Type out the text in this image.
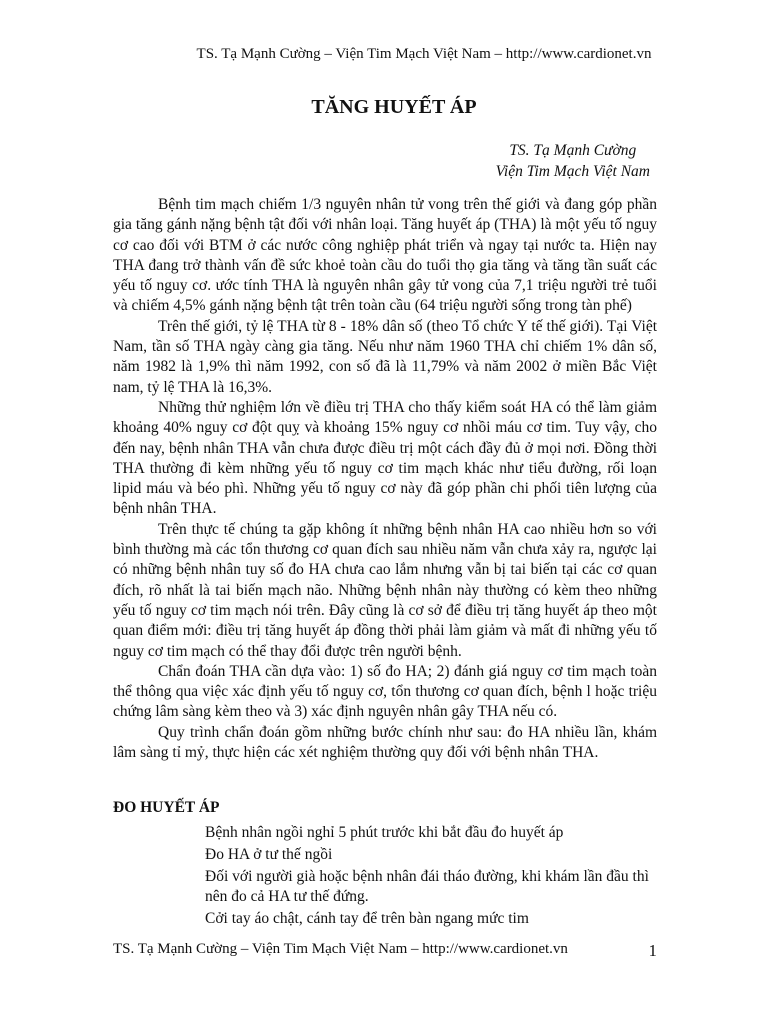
TS. Tạ Mạnh Cường – Viện Tim Mạch Việt Nam – http://www.cardionet.vn
TĂNG HUYẾT ÁP
TS. Tạ Mạnh Cường
Viện Tim Mạch Việt Nam

Bệnh tim mạch chiếm 1/3 nguyên nhân tử vong trên thế giới và đang góp phần gia tăng gánh nặng bệnh tật đối với nhân loại. Tăng huyết áp (THA) là một yếu tố nguy cơ cao đối với BTM ở các nước công nghiệp phát triển và ngay tại nước ta. Hiện nay THA đang trở thành vấn đề sức khoẻ toàn cầu do tuổi thọ gia tăng và tăng tần suất các yếu tố nguy cơ. ước tính THA là nguyên nhân gây tử vong của 7,1 triệu người trẻ tuổi và chiếm 4,5% gánh nặng bệnh tật trên toàn cầu (64 triệu người sống trong tàn phế)

Trên thế giới, tỷ lệ THA từ 8 - 18% dân số (theo Tổ chức Y tế thế giới). Tại Việt Nam, tần số THA ngày càng gia tăng. Nếu như năm 1960 THA chỉ chiếm 1% dân số, năm 1982 là 1,9% thì năm 1992, con số đã là 11,79% và năm 2002 ở miền Bắc Việt nam, tỷ lệ THA là 16,3%.

Những thử nghiệm lớn về điều trị THA cho thấy kiểm soát HA có thể làm giảm khoảng 40% nguy cơ đột quỵ và khoảng 15% nguy cơ nhồi máu cơ tim. Tuy vậy, cho đến nay, bệnh nhân THA vẫn chưa được điều trị một cách đầy đủ ở mọi nơi. Đồng thời THA thường đi kèm những yếu tố nguy cơ tim mạch khác như tiểu đường, rối loạn lipid máu và béo phì. Những yếu tố nguy cơ này đã góp phần chi phối tiên lượng của bệnh nhân THA.

Trên thực tế chúng ta gặp không ít những bệnh nhân HA cao nhiều hơn so với bình thường mà các tổn thương cơ quan đích sau nhiều năm vẫn chưa xảy ra, ngược lại có những bệnh nhân tuy số đo HA chưa cao lắm nhưng vẫn bị tai biến tại các cơ quan đích, rõ nhất là tai biến mạch não. Những bệnh nhân này thường có kèm theo những yếu tố nguy cơ tim mạch nói trên. Đây cũng là cơ sở để điều trị tăng huyết áp theo một quan điểm mới: điều trị tăng huyết áp đồng thời phải làm giảm và mất đi những yếu tố nguy cơ tim mạch có thể thay đổi được trên người bệnh.

Chẩn đoán THA cần dựa vào: 1) số đo HA; 2) đánh giá nguy cơ tim mạch toàn thể thông qua việc xác định yếu tố nguy cơ, tổn thương cơ quan đích, bệnh l hoặc triệu chứng lâm sàng kèm theo và 3) xác định nguyên nhân gây THA nếu có.

Quy trình chẩn đoán gồm những bước chính như sau: đo HA nhiều lần, khám lâm sàng tỉ mỷ, thực hiện các xét nghiệm thường quy đối với bệnh nhân THA.

ĐO HUYẾT ÁP
Bệnh nhân ngồi nghỉ 5 phút trước khi bắt đầu đo huyết áp
Đo HA ở tư thế ngồi
Đối với người già hoặc bệnh nhân đái tháo đường, khi khám lần đầu thì nên đo cả HA tư thế đứng.
Cởi tay áo chật, cánh tay để trên bàn ngang mức tim
TS. Tạ Mạnh Cường – Viện Tim Mạch Việt Nam – http://www.cardionet.vn	1
